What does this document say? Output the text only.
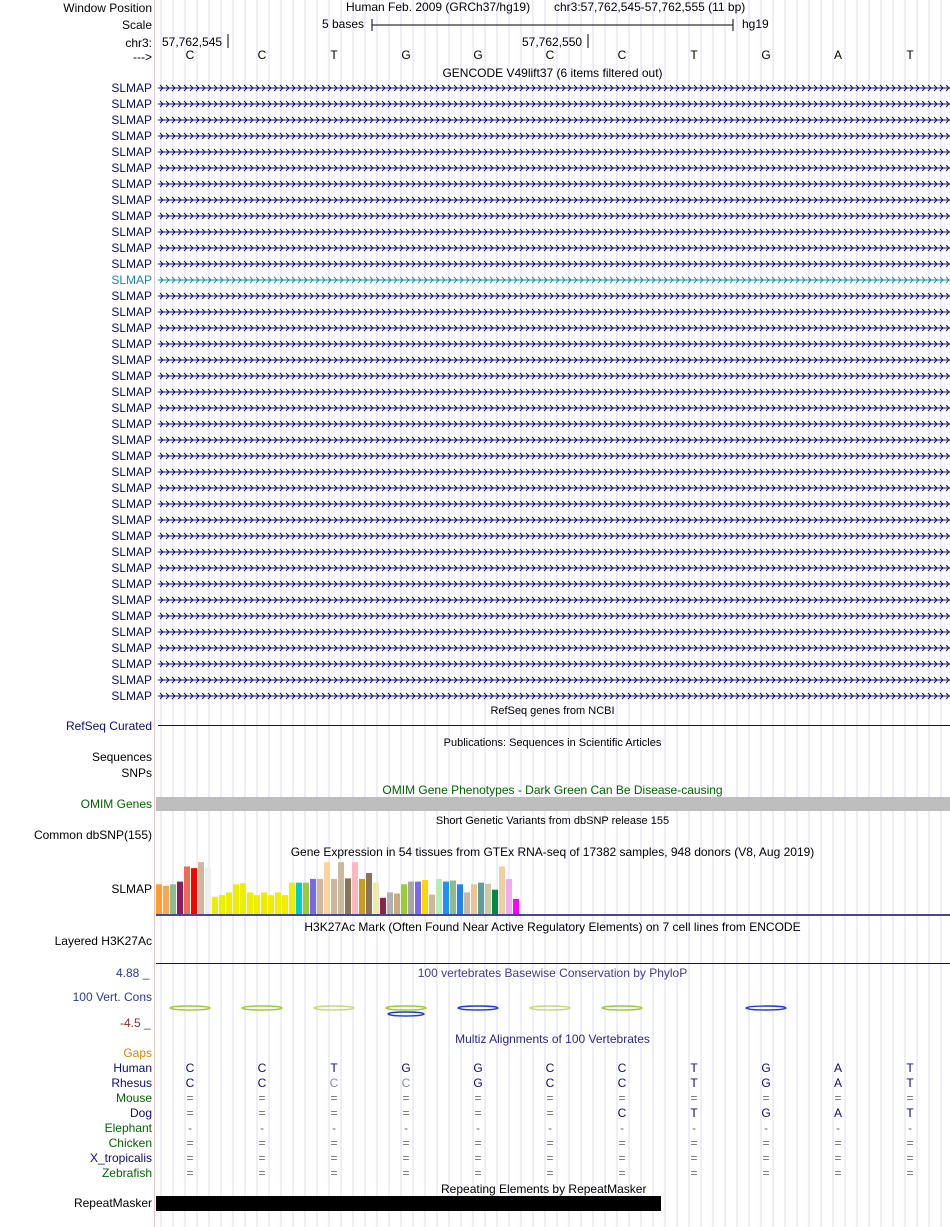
Window Position	Human Feb. 2009 (GRCh37/hg19) chr3:57,762,545-57,762,555 (11 bp)
Scale	5 bases	hg19
chr3: 57,762,545	57,762,550
--->	C	C	T	G	G	C	C	T	G	A	T
GENCODE V49lift37 (6 items filtered out)
SLMAP
SLMAP
SLMAP
SLMAP
SLMAP
SLMAP
SLMAP
SLMAP
SLMAP
SLMAP
SLMAP
SLMAP
SLMAP
SLMAP
SLMAP
SLMAP
SLMAP
SLMAP
SLMAP
SLMAP
SLMAP
SLMAP
SLMAP
SLMAP
SLMAP
SLMAP
SLMAP
SLMAP
SLMAP
SLMAP
SLMAP
SLMAP
SLMAP
SLMAP
SLMAP
SLMAP
SLMAP
SLMAP
SLMAP
RefSeq genes from NCBI
RefSeq Curated
Publications: Sequences in Scientific Articles
Sequences
SNPs
OMIM Gene Phenotypes - Dark Green Can Be Disease-causing
OMIM Genes
Short Genetic Variants from dbSNP release 155
Common dbSNP(155)
Gene Expression in 54 tissues from GTEx RNA-seq of 17382 samples, 948 donors (V8, Aug 2019)
SLMAP
H3K27Ac Mark (Often Found Near Active Regulatory Elements) on 7 cell lines from ENCODE
Layered H3K27Ac
100 vertebrates Basewise Conservation by PhyloP
4.88 _
100 Vert. Cons
-4.5 _
Multiz Alignments of 100 Vertebrates
Gaps
Human	C	C	T	G	G	C	C	T	G	A	T
Rhesus	C	C	C	C	G	C	C	T	G	A	T
Mouse	=	=	=	=	=	=	=	=	=	=	=
Dog	=	=	=	=	=	=	C	T	G	A	T
Elephant	-	-	-	-	-	-	-	-	-	-	-
Chicken	=	=	=	=	=	=	=	=	=	=	=
X_tropicalis	=	=	=	=	=	=	=	=	=	=	=
Zebrafish	=	=	=	=	=	=	=	=	=	=	=
Repeating Elements by RepeatMasker
RepeatMasker
